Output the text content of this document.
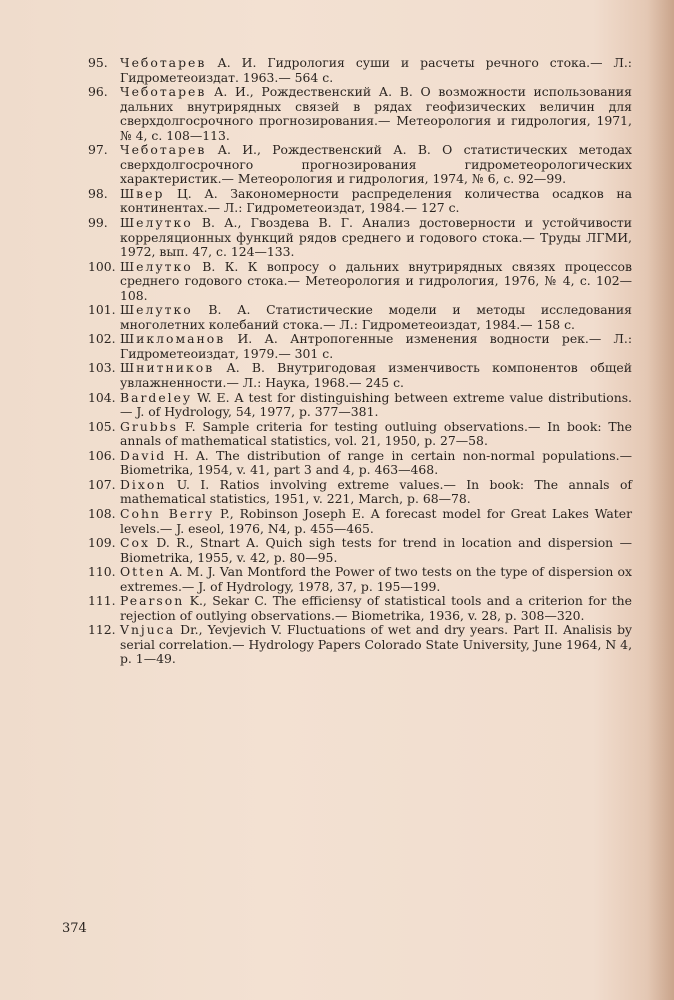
95. Чеботарев А. И. Гидрология суши и расчеты речного стока.— Л.: Гидрометеоиздат. 1963.— 564 с.
96. Чеботарев А. И., Рождественский А. В. О возможности использования дальних внутрирядных связей в рядах геофизических величин для сверхдолгосрочного прогнозирования.— Метеорология и гидрология, 1971, № 4, с. 108—113.
97. Чеботарев А. И., Рождественский А. В. О статистических методах сверхдолгосрочного прогнозирования гидрометеорологических характеристик.— Метеорология и гидрология, 1974, № 6, с. 92—99.
98. Швер Ц. А. Закономерности распределения количества осадков на континентах.— Л.: Гидрометеоиздат, 1984.— 127 с.
99. Шелутко В. А., Гвоздева В. Г. Анализ достоверности и устойчивости корреляционных функций рядов среднего и годового стока.— Труды ЛГМИ, 1972, вып. 47, с. 124—133.
100. Шелутко В. К. К вопросу о дальних внутрирядных связях процессов среднего годового стока.— Метеорология и гидрология, 1976, № 4, с. 102—108.
101. Шелутко В. А. Статистические модели и методы исследования многолетних колебаний стока.— Л.: Гидрометеоиздат, 1984.— 158 с.
102. Шикломанов И. А. Антропогенные изменения водности рек.— Л.: Гидрометеоиздат, 1979.— 301 с.
103. Шнитников А. В. Внутригодовая изменчивость компонентов общей увлажненности.— Л.: Наука, 1968.— 245 с.
104. Bardeley W. E. A test for distinguishing between extreme value distributions.— J. of Hydrology, 54, 1977, p. 377—381.
105. Grubbs F. Sample criteria for testing outluing observations.— In book: The annals of mathematical statistics, vol. 21, 1950, p. 27—58.
106. David H. A. The distribution of range in certain non-normal populations.— Biometrika, 1954, v. 41, part 3 and 4, p. 463—468.
107. Dixon U. I. Ratios involving extreme values.— In book: The annals of mathematical statistics, 1951, v. 221, March, p. 68—78.
108. Cohn Berry P., Robinson Joseph E. A forecast model for Great Lakes Water levels.— J. eseol, 1976, N4, p. 455—465.
109. Cox D. R., Stnart A. Quich sigh tests for trend in location and dispersion — Biometrika, 1955, v. 42, p. 80—95.
110. Otten A. M. J. Van Montford the Power of two tests on the type of dispersion ox extremes.— J. of Hydrology, 1978, 37, p. 195—199.
111. Pearson K., Sekar C. The efficiensy of statistical tools and a criterion for the rejection of outlying observations.— Biometrika, 1936, v. 28, p. 308—320.
112. Vnjuca Dr., Yevjevich V. Fluctuations of wet and dry years. Part II. Analisis by serial correlation.— Hydrology Papers Colorado State University, June 1964, N 4, p. 1—49.
374
